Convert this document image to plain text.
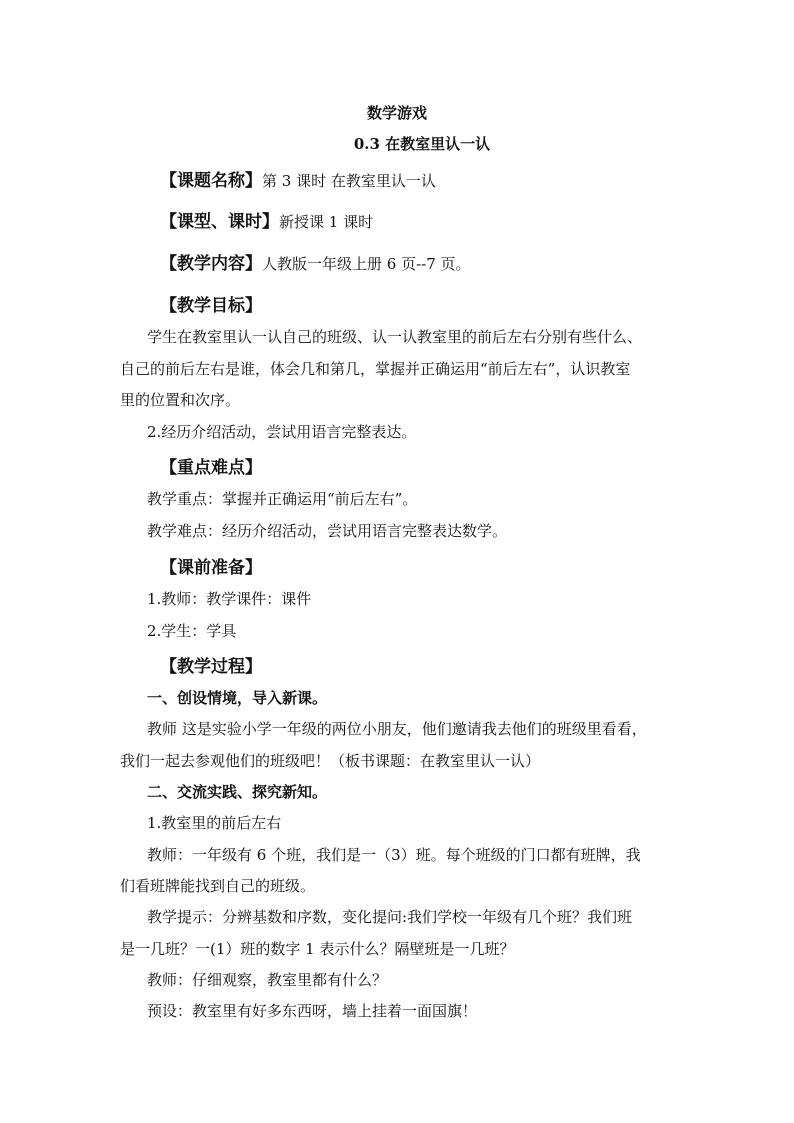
数学游戏
0.3 在教室里认一认
【课题名称】第 3 课时 在教室里认一认
【课型、课时】新授课 1 课时
【教学内容】人教版一年级上册 6 页--7 页。
【教学目标】
学生在教室里认一认自己的班级、认一认教室里的前后左右分别有些什么、
自己的前后左右是谁，体会几和第几，掌握并正确运用“前后左右”，认识教室
里的位置和次序。
2.经历介绍活动，尝试用语言完整表达。
【重点难点】
教学重点：掌握并正确运用“前后左右”。
教学难点：经历介绍活动，尝试用语言完整表达数学。
【课前准备】
1.教师：教学课件：课件
2.学生：学具
【教学过程】
一、创设情境，导入新课。
教师 这是实验小学一年级的两位小朋友，他们邀请我去他们的班级里看看，
我们一起去参观他们的班级吧！（板书课题：在教室里认一认）
二、交流实践、探究新知。
1.教室里的前后左右
教师：一年级有 6 个班，我们是一（3）班。每个班级的门口都有班牌，我
们看班牌能找到自己的班级。
教学提示：分辨基数和序数，变化提问:我们学校一年级有几个班？我们班
是一几班？一(1）班的数字 1 表示什么？隔壁班是一几班？
教师：仔细观察，教室里都有什么？
预设：教室里有好多东西呀，墙上挂着一面国旗！
